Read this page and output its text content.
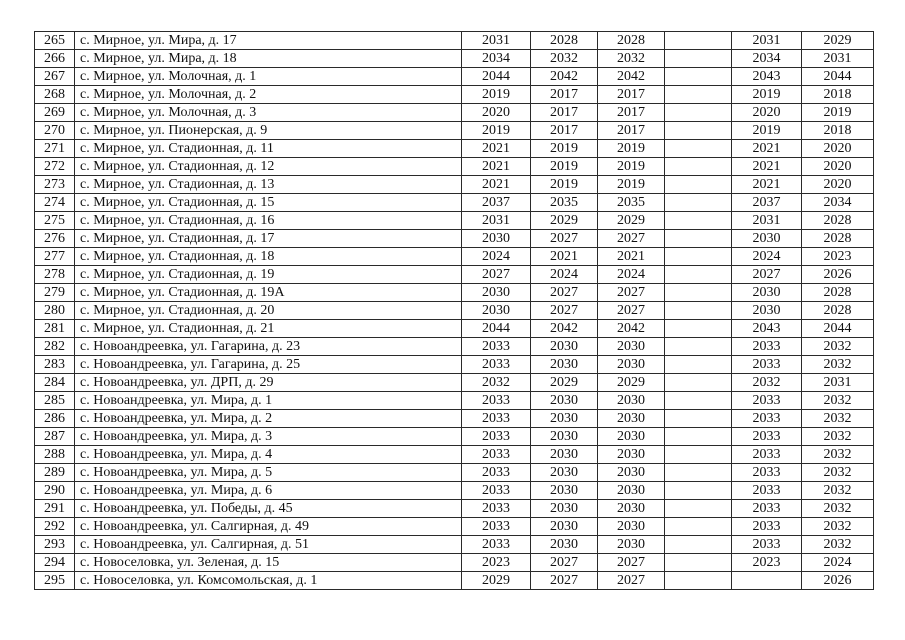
265	с. Мирное, ул. Мира, д. 17	2031	2028	2028		2031	2029
266	с. Мирное, ул. Мира, д. 18	2034	2032	2032		2034	2031
267	с. Мирное, ул. Молочная, д. 1	2044	2042	2042		2043	2044
268	с. Мирное, ул. Молочная, д. 2	2019	2017	2017		2019	2018
269	с. Мирное, ул. Молочная, д. 3	2020	2017	2017		2020	2019
270	с. Мирное, ул. Пионерская, д. 9	2019	2017	2017		2019	2018
271	с. Мирное, ул. Стадионная, д. 11	2021	2019	2019		2021	2020
272	с. Мирное, ул. Стадионная, д. 12	2021	2019	2019		2021	2020
273	с. Мирное, ул. Стадионная, д. 13	2021	2019	2019		2021	2020
274	с. Мирное, ул. Стадионная, д. 15	2037	2035	2035		2037	2034
275	с. Мирное, ул. Стадионная, д. 16	2031	2029	2029		2031	2028
276	с. Мирное, ул. Стадионная, д. 17	2030	2027	2027		2030	2028
277	с. Мирное, ул. Стадионная, д. 18	2024	2021	2021		2024	2023
278	с. Мирное, ул. Стадионная, д. 19	2027	2024	2024		2027	2026
279	с. Мирное, ул. Стадионная, д. 19А	2030	2027	2027		2030	2028
280	с. Мирное, ул. Стадионная, д. 20	2030	2027	2027		2030	2028
281	с. Мирное, ул. Стадионная, д. 21	2044	2042	2042		2043	2044
282	с. Новоандреевка, ул. Гагарина, д. 23	2033	2030	2030		2033	2032
283	с. Новоандреевка, ул. Гагарина, д. 25	2033	2030	2030		2033	2032
284	с. Новоандреевка, ул. ДРП, д. 29	2032	2029	2029		2032	2031
285	с. Новоандреевка, ул. Мира, д. 1	2033	2030	2030		2033	2032
286	с. Новоандреевка, ул. Мира, д. 2	2033	2030	2030		2033	2032
287	с. Новоандреевка, ул. Мира, д. 3	2033	2030	2030		2033	2032
288	с. Новоандреевка, ул. Мира, д. 4	2033	2030	2030		2033	2032
289	с. Новоандреевка, ул. Мира, д. 5	2033	2030	2030		2033	2032
290	с. Новоандреевка, ул. Мира, д. 6	2033	2030	2030		2033	2032
291	с. Новоандреевка, ул. Победы, д. 45	2033	2030	2030		2033	2032
292	с. Новоандреевка, ул. Салгирная, д. 49	2033	2030	2030		2033	2032
293	с. Новоандреевка, ул. Салгирная, д. 51	2033	2030	2030		2033	2032
294	с. Новоселовка, ул. Зеленая, д. 15	2023	2027	2027		2023	2024
295	с. Новоселовка, ул. Комсомольская, д. 1	2029	2027	2027			2026
